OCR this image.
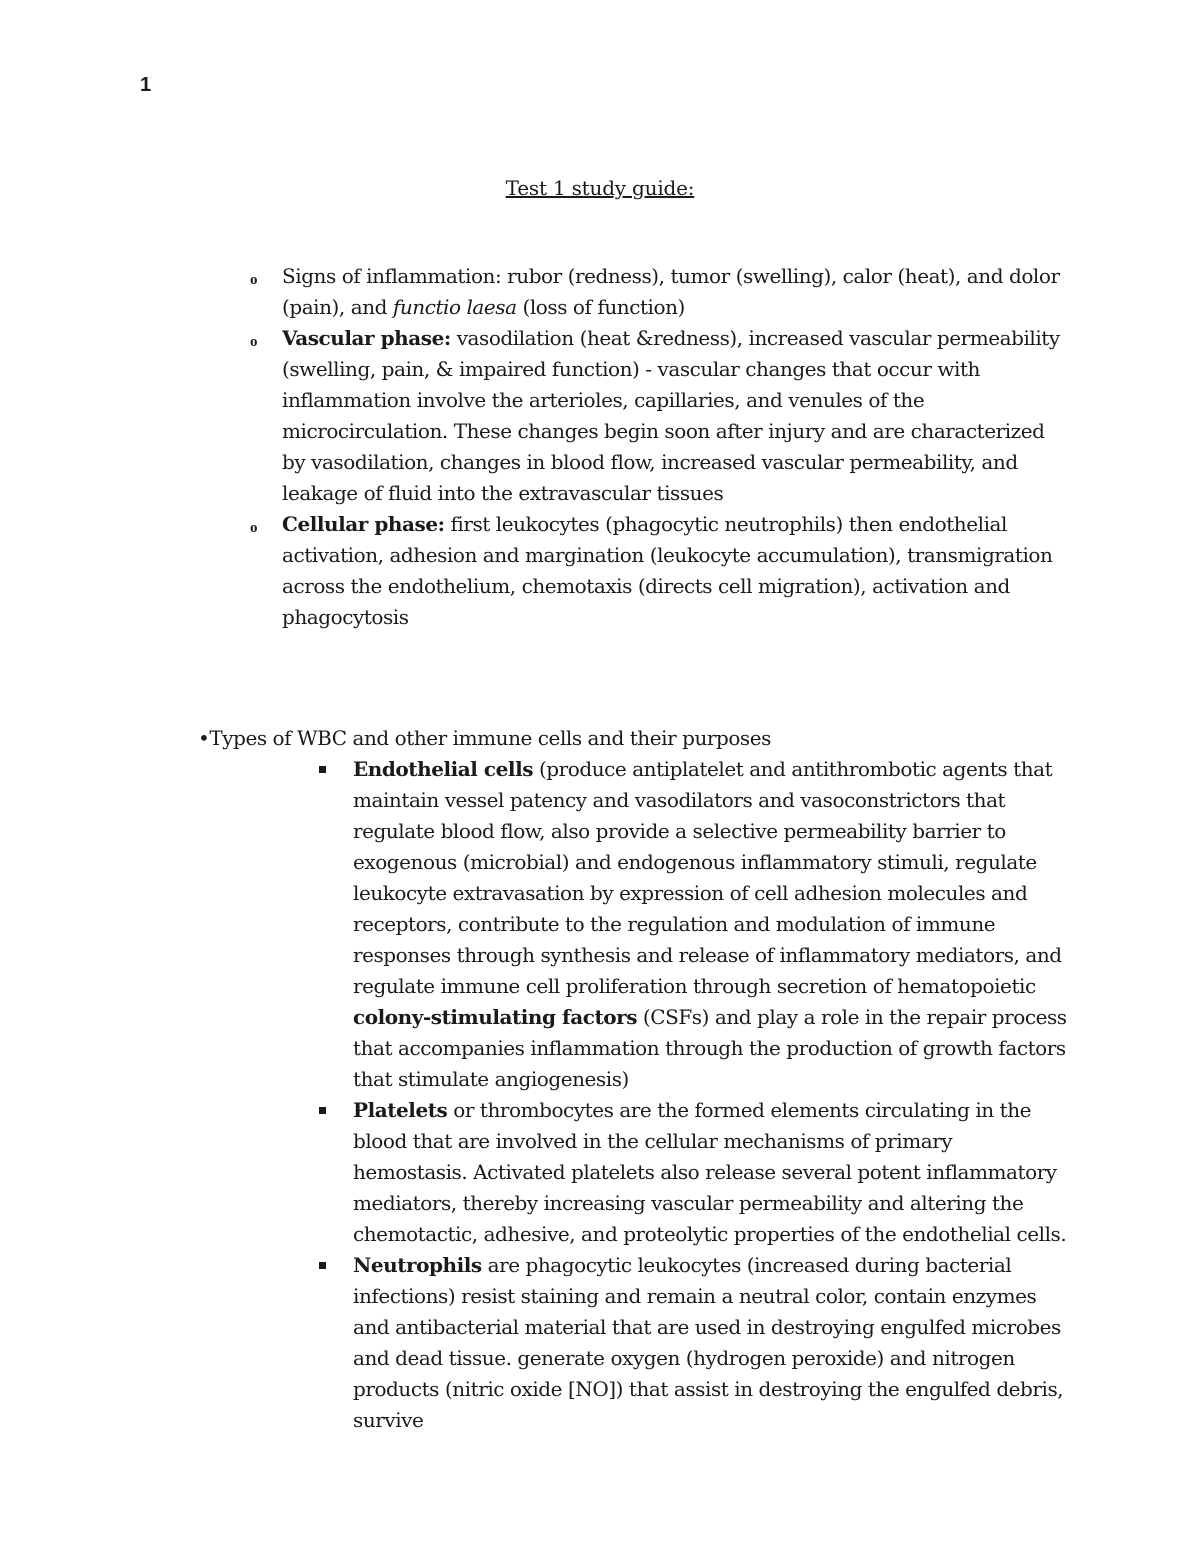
1
Test 1 study guide:
o Signs of inflammation: rubor (redness), tumor (swelling), calor (heat), and dolor (pain), and functio laesa (loss of function)
o Vascular phase: vasodilation (heat &redness), increased vascular permeability (swelling, pain, & impaired function) - vascular changes that occur with inflammation involve the arterioles, capillaries, and venules of the microcirculation. These changes begin soon after injury and are characterized by vasodilation, changes in blood flow, increased vascular permeability, and leakage of fluid into the extravascular tissues
o Cellular phase: first leukocytes (phagocytic neutrophils) then endothelial activation, adhesion and margination (leukocyte accumulation), transmigration across the endothelium, chemotaxis (directs cell migration), activation and phagocytosis
•Types of WBC and other immune cells and their purposes
Endothelial cells (produce antiplatelet and antithrombotic agents that maintain vessel patency and vasodilators and vasoconstrictors that regulate blood flow, also provide a selective permeability barrier to exogenous (microbial) and endogenous inflammatory stimuli, regulate leukocyte extravasation by expression of cell adhesion molecules and receptors, contribute to the regulation and modulation of immune responses through synthesis and release of inflammatory mediators, and regulate immune cell proliferation through secretion of hematopoietic colony-stimulating factors (CSFs) and play a role in the repair process that accompanies inflammation through the production of growth factors that stimulate angiogenesis)
Platelets or thrombocytes are the formed elements circulating in the blood that are involved in the cellular mechanisms of primary hemostasis. Activated platelets also release several potent inflammatory mediators, thereby increasing vascular permeability and altering the chemotactic, adhesive, and proteolytic properties of the endothelial cells.
Neutrophils are phagocytic leukocytes (increased during bacterial infections) resist staining and remain a neutral color, contain enzymes and antibacterial material that are used in destroying engulfed microbes and dead tissue. generate oxygen (hydrogen peroxide) and nitrogen products (nitric oxide [NO]) that assist in destroying the engulfed debris, survive
